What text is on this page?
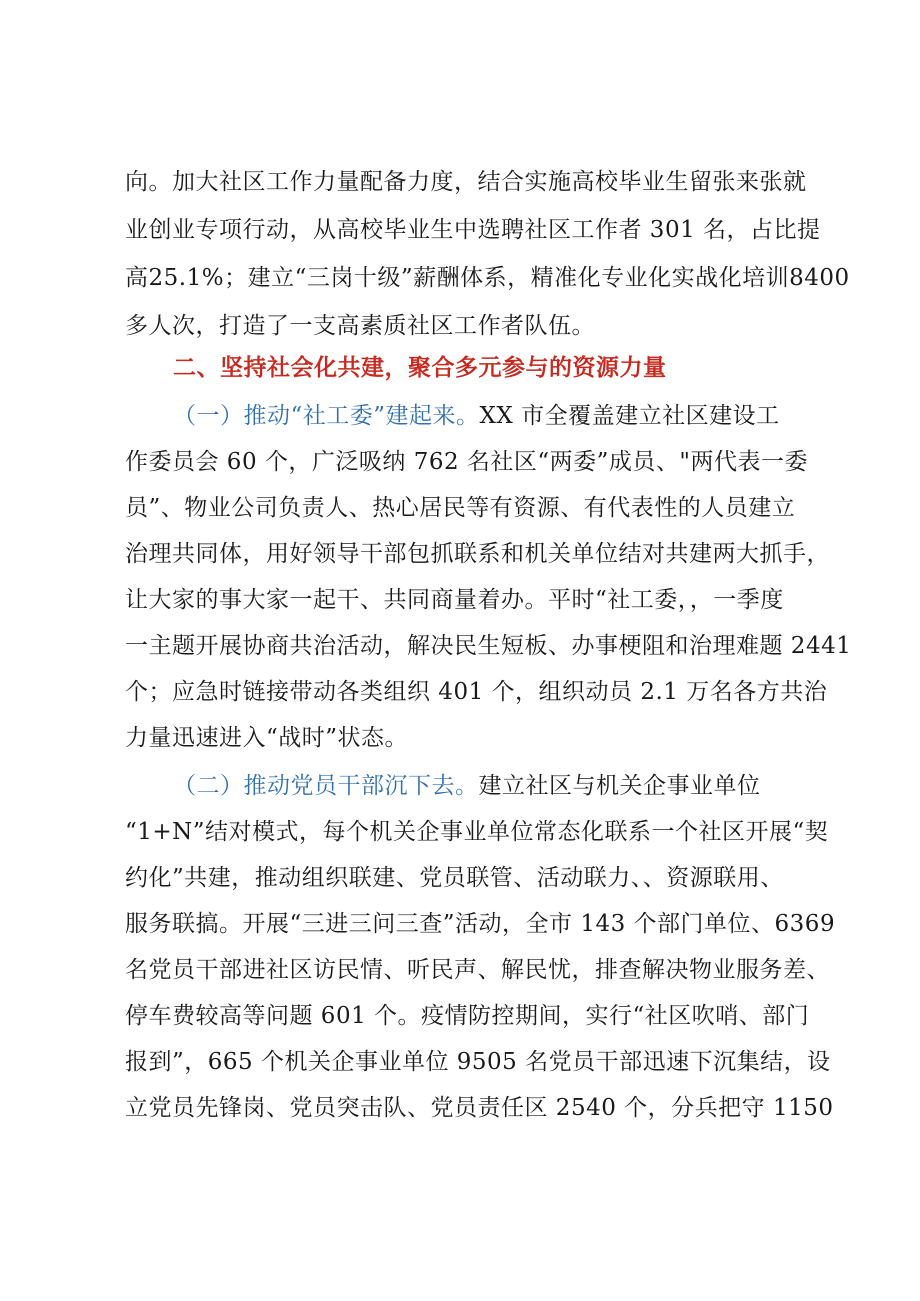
向。加大社区工作力量配备力度，结合实施高校毕业生留张来张就
业创业专项行动，从高校毕业生中选聘社区工作者 301 名，占比提
高25.1%；建立“三岗十级”薪酬体系，精准化专业化实战化培训8400
多人次，打造了一支高素质社区工作者队伍。
二、坚持社会化共建，聚合多元参与的资源力量
（一）推动“社工委”建起来。XX 市全覆盖建立社区建设工
作委员会 60 个，广泛吸纳 762 名社区“两委”成员、"两代表一委
员”、物业公司负责人、热心居民等有资源、有代表性的人员建立
治理共同体，用好领导干部包抓联系和机关单位结对共建两大抓手，
让大家的事大家一起干、共同商量着办。平时“社工委，，一季度
一主题开展协商共治活动，解决民生短板、办事梗阻和治理难题 2441
个；应急时链接带动各类组织 401 个，组织动员 2.1 万名各方共治
力量迅速进入“战时”状态。
（二）推动党员干部沉下去。建立社区与机关企事业单位
“1+N”结对模式，每个机关企事业单位常态化联系一个社区开展“契
约化”共建，推动组织联建、党员联管、活动联力、、资源联用、
服务联搞。开展“三进三问三查”活动，全市 143 个部门单位、6369
名党员干部进社区访民情、听民声、解民忧，排查解决物业服务差、
停车费较高等问题 601 个。疫情防控期间，实行“社区吹哨、部门
报到”，665 个机关企事业单位 9505 名党员干部迅速下沉集结，设
立党员先锋岗、党员突击队、党员责任区 2540 个，分兵把守 1150
